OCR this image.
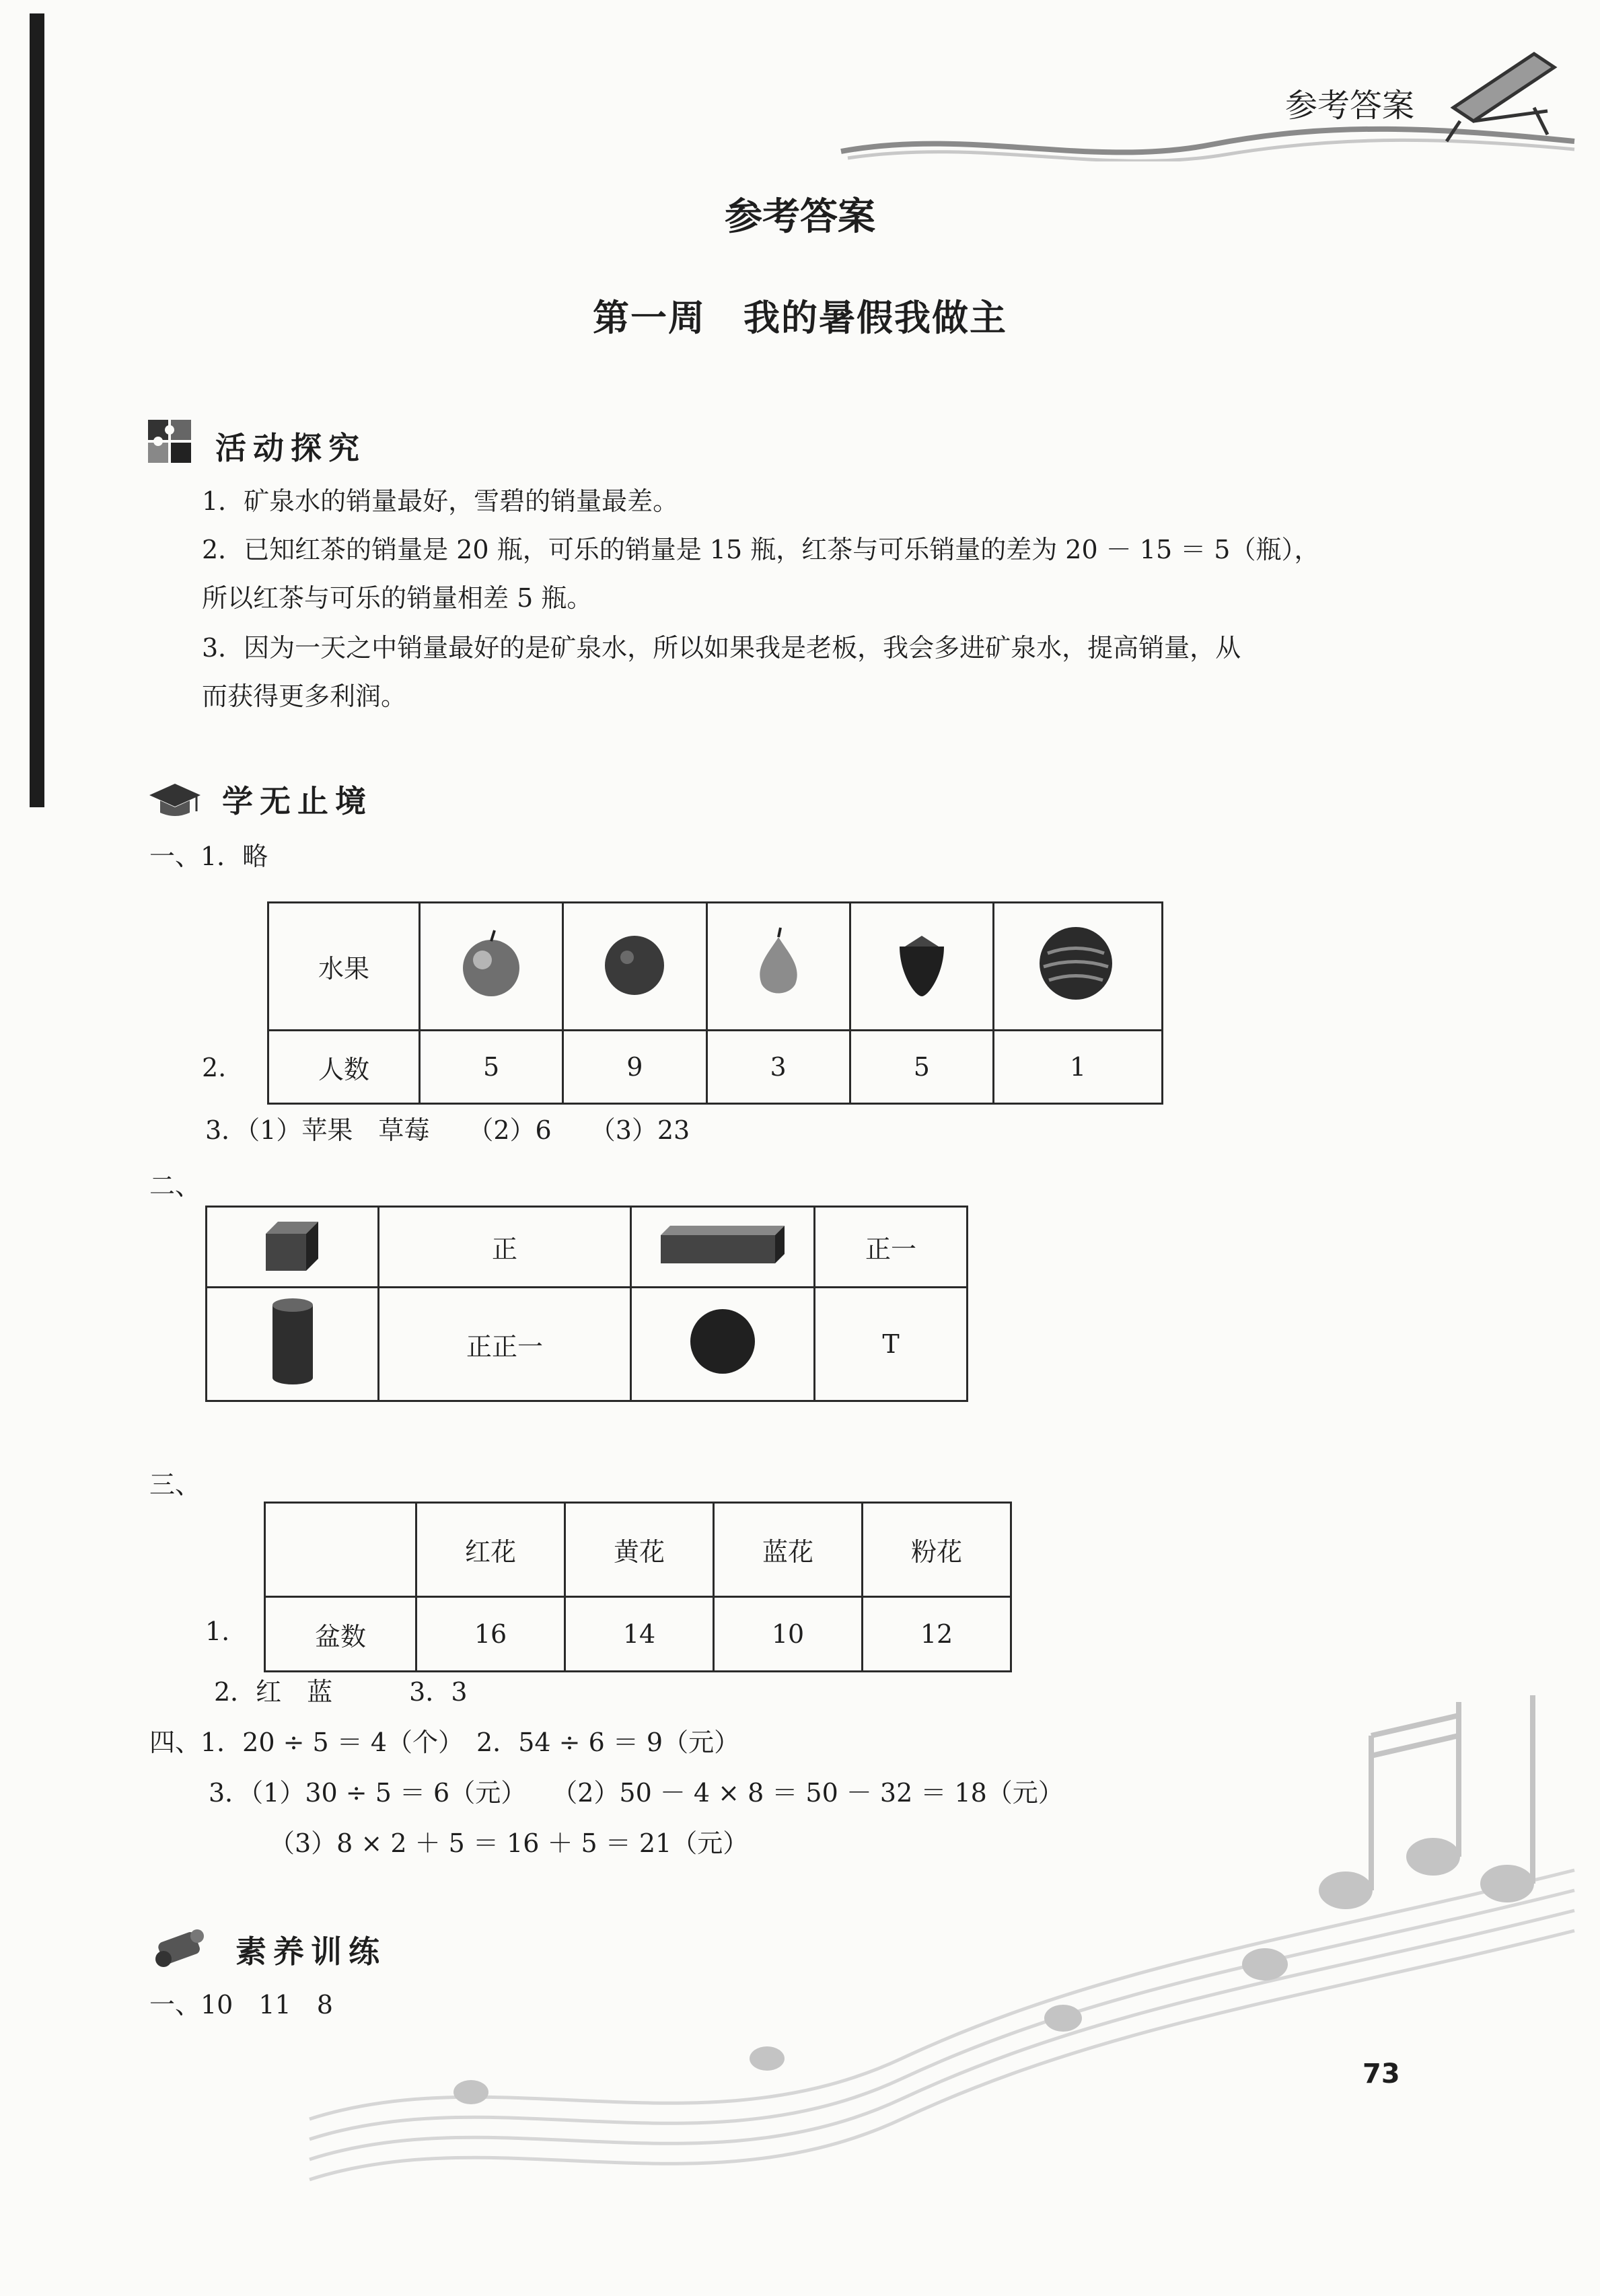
参考答案
参考答案
第一周　我的暑假我做主
活动探究
1．矿泉水的销量最好，雪碧的销量最差。
2．已知红茶的销量是 20 瓶，可乐的销量是 15 瓶，红茶与可乐销量的差为 20 － 15 ＝ 5（瓶），
所以红茶与可乐的销量相差 5 瓶。
3．因为一天之中销量最好的是矿泉水，所以如果我是老板，我会多进矿泉水，提高销量，从
而获得更多利润。
学无止境
一、1．略
水果					
人数	5	9	3	5	1
2.
3．（1）苹果　草莓　　（2）6　　（3）23
二、
	正		正一
	正正一		T
三、
	红花	黄花	蓝花	粉花
盆数	16	14	10	12
1.
2．红　蓝　　　3．3
四、1．20 ÷ 5 ＝ 4（个）　2．54 ÷ 6 ＝ 9（元）
3．（1）30 ÷ 5 ＝ 6（元）　　（2）50 － 4 × 8 ＝ 50 － 32 ＝ 18（元）
（3）8 × 2 ＋ 5 ＝ 16 ＋ 5 ＝ 21（元）
素养训练
一、10　11　8
73
